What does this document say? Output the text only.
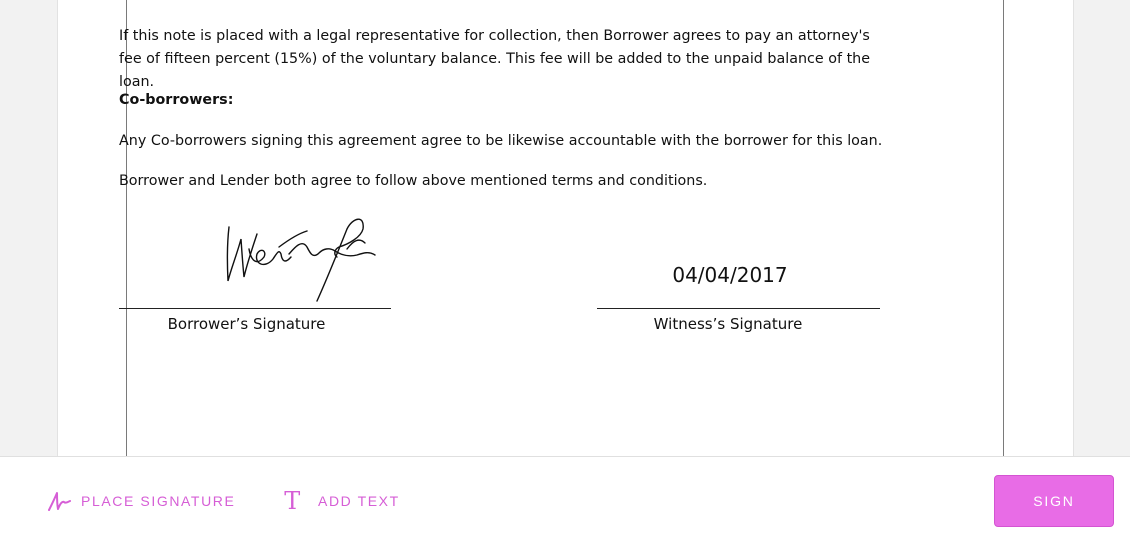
If this note is placed with a legal representative for collection, then Borrower agrees to pay an attorney's fee of fifteen percent (15%) of the voluntary balance. This fee will be added to the unpaid balance of the loan.

Co-borrowers:

Any Co-borrowers signing this agreement agree to be likewise accountable with the borrower for this loan.

Borrower and Lender both agree to follow above mentioned terms and conditions.

Borrower’s Signature

04/04/2017

Witness’s Signature

PLACE SIGNATURE T	ADD TEXT	SIGN
